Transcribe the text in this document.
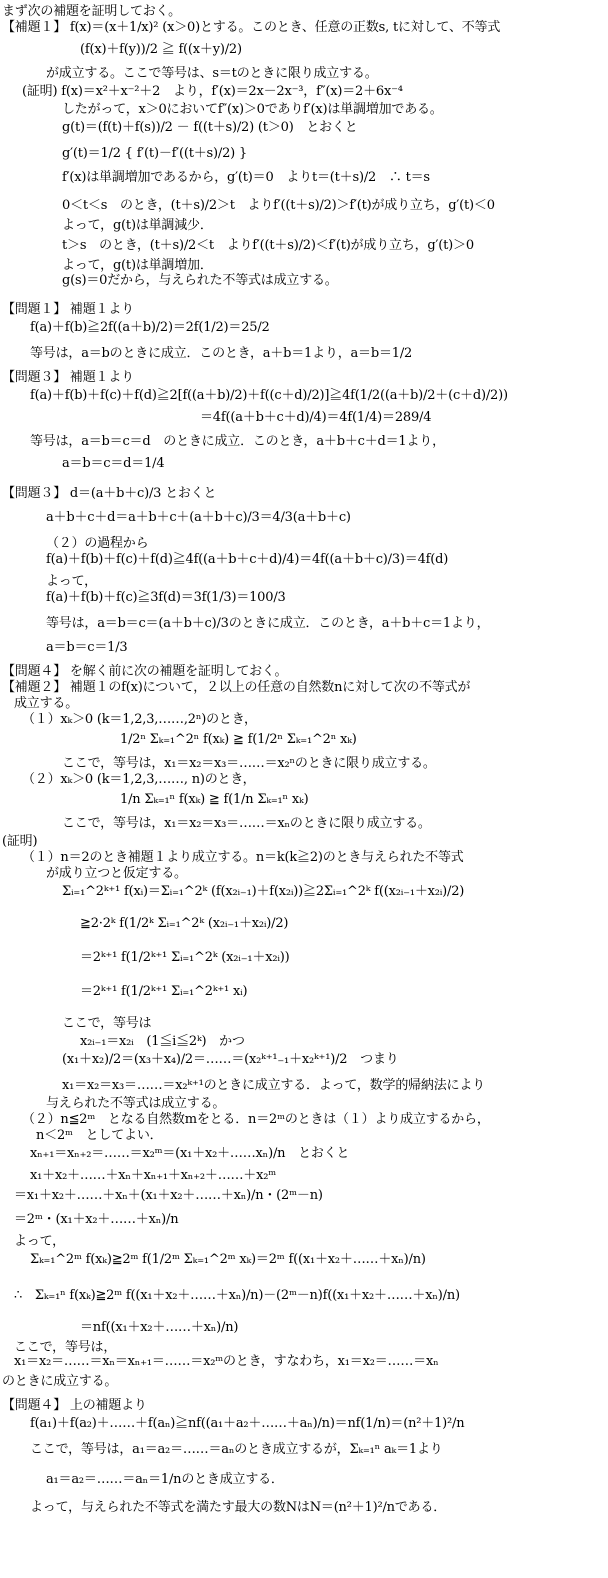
まず次の補題を証明しておく。
【補題１】 f(x)＝(x＋1/x)² (x＞0)とする。このとき、任意の正数s, tに対して、不等式
(f(x)＋f(y))/2 ≧ f((x＋y)/2)
が成立する。ここで等号は、s＝tのときに限り成立する。
(証明) f(x)＝x²＋x⁻²＋2　より，f′(x)＝2x－2x⁻³，f″(x)＝2＋6x⁻⁴
したがって，x＞0においてf″(x)＞0でありf′(x)は単調増加である。
g(t)＝(f(t)＋f(s))/2 － f((t＋s)/2) (t＞0)　とおくと
g′(t)＝1/2 { f′(t)－f′((t＋s)/2) }
f′(x)は単調増加であるから，g′(t)＝0　よりt＝(t＋s)/2　∴ t＝s
0＜t＜s　のとき，(t＋s)/2＞t　よりf′((t＋s)/2)＞f′(t)が成り立ち，g′(t)＜0
よって，g(t)は単調減少．
t＞s　のとき，(t＋s)/2＜t　よりf′((t＋s)/2)＜f′(t)が成り立ち，g′(t)＞0
よって，g(t)は単調増加．
g(s)＝0だから，与えられた不等式は成立する。
【問題１】 補題１より
f(a)＋f(b)≧2f((a＋b)/2)＝2f(1/2)＝25/2
等号は，a＝bのときに成立．このとき，a＋b＝1より，a＝b＝1/2
【問題３】 補題１より
f(a)＋f(b)＋f(c)＋f(d)≧2[f((a＋b)/2)＋f((c＋d)/2)]≧4f(1/2((a＋b)/2＋(c＋d)/2))
＝4f((a＋b＋c＋d)/4)＝4f(1/4)＝289/4
等号は，a＝b＝c＝d　のときに成立．このとき，a＋b＋c＋d＝1より，
a＝b＝c＝d＝1/4
【問題３】 d＝(a＋b＋c)/3 とおくと
a＋b＋c＋d＝a＋b＋c＋(a＋b＋c)/3＝4/3(a＋b＋c)
（２）の過程から
f(a)＋f(b)＋f(c)＋f(d)≧4f((a＋b＋c＋d)/4)＝4f((a＋b＋c)/3)＝4f(d)
よって，
f(a)＋f(b)＋f(c)≧3f(d)＝3f(1/3)＝100/3
等号は，a＝b＝c＝(a＋b＋c)/3のときに成立．このとき，a＋b＋c＝1より，
a＝b＝c＝1/3
【問題４】 を解く前に次の補題を証明しておく。
【補題２】 補題１のf(x)について，２以上の任意の自然数nに対して次の不等式が
成立する。
（１）xₖ＞0 (k＝1,2,3,……,2ⁿ)のとき，
1/2ⁿ Σₖ₌₁^2ⁿ f(xₖ) ≧ f(1/2ⁿ Σₖ₌₁^2ⁿ xₖ)
ここで，等号は，x₁＝x₂＝x₃＝……＝x₂ⁿのときに限り成立する。
（２）xₖ＞0 (k＝1,2,3,……, n)のとき，
1/n Σₖ₌₁ⁿ f(xₖ) ≧ f(1/n Σₖ₌₁ⁿ xₖ)
ここで，等号は，x₁＝x₂＝x₃＝……＝xₙのときに限り成立する。
(証明)
（１）n＝2のとき補題１より成立する。n＝k(k≧2)のとき与えられた不等式
が成り立つと仮定する。
Σᵢ₌₁^2ᵏ⁺¹ f(xᵢ)＝Σᵢ₌₁^2ᵏ (f(x₂ᵢ₋₁)＋f(x₂ᵢ))≧2Σᵢ₌₁^2ᵏ f((x₂ᵢ₋₁＋x₂ᵢ)/2)
≧2·2ᵏ f(1/2ᵏ Σᵢ₌₁^2ᵏ (x₂ᵢ₋₁＋x₂ᵢ)/2)
＝2ᵏ⁺¹ f(1/2ᵏ⁺¹ Σᵢ₌₁^2ᵏ (x₂ᵢ₋₁＋x₂ᵢ))
＝2ᵏ⁺¹ f(1/2ᵏ⁺¹ Σᵢ₌₁^2ᵏ⁺¹ xᵢ)
ここで，等号は
x₂ᵢ₋₁＝x₂ᵢ　(1≦i≦2ᵏ)　かつ
(x₁＋x₂)/2＝(x₃＋x₄)/2＝……＝(x₂ᵏ⁺¹₋₁＋x₂ᵏ⁺¹)/2　つまり
x₁＝x₂＝x₃＝……＝x₂ᵏ⁺¹のときに成立する．よって，数学的帰納法により
与えられた不等式は成立する。
（２）n≦2ᵐ　となる自然数mをとる．n＝2ᵐのときは（１）より成立するから，
n＜2ᵐ　としてよい．
xₙ₊₁＝xₙ₊₂＝……＝x₂ᵐ＝(x₁＋x₂＋……xₙ)/n　とおくと
x₁＋x₂＋……＋xₙ＋xₙ₊₁＋xₙ₊₂＋……＋x₂ᵐ
＝x₁＋x₂＋……＋xₙ＋(x₁＋x₂＋……＋xₙ)/n・(2ᵐ－n)
＝2ᵐ・(x₁＋x₂＋……＋xₙ)/n
よって，
Σₖ₌₁^2ᵐ f(xₖ)≧2ᵐ f(1/2ᵐ Σₖ₌₁^2ᵐ xₖ)＝2ᵐ f((x₁＋x₂＋……＋xₙ)/n)
∴　Σₖ₌₁ⁿ f(xₖ)≧2ᵐ f((x₁＋x₂＋……＋xₙ)/n)－(2ᵐ－n)f((x₁＋x₂＋……＋xₙ)/n)
＝nf((x₁＋x₂＋……＋xₙ)/n)
ここで，等号は，
x₁＝x₂＝……＝xₙ＝xₙ₊₁＝……＝x₂ᵐのとき，すなわち，x₁＝x₂＝……＝xₙ
のときに成立する。
【問題４】 上の補題より
f(a₁)＋f(a₂)＋……＋f(aₙ)≧nf((a₁＋a₂＋……＋aₙ)/n)＝nf(1/n)＝(n²＋1)²/n
ここで，等号は，a₁＝a₂＝……＝aₙのとき成立するが，Σₖ₌₁ⁿ aₖ＝1より
a₁＝a₂＝……＝aₙ＝1/nのとき成立する．
よって，与えられた不等式を満たす最大の数NはN＝(n²＋1)²/nである．
